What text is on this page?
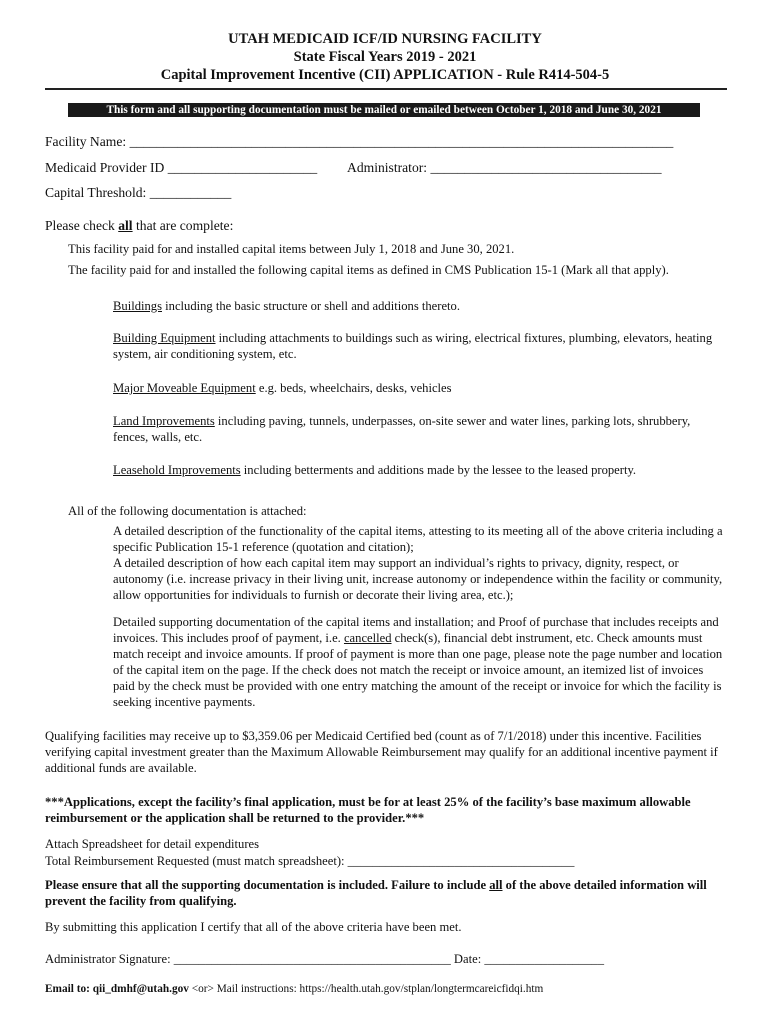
UTAH MEDICAID ICF/ID NURSING FACILITY
State Fiscal Years 2019 - 2021
Capital Improvement Incentive (CII) APPLICATION - Rule R414-504-5
This form and all supporting documentation must be mailed or emailed between October 1, 2018 and June 30, 2021
Facility Name: ________________________________________________________________________________
Medicaid Provider ID ______________________ Administrator: __________________________________
Capital Threshold: ____________
Please check all that are complete:
This facility paid for and installed capital items between July 1, 2018 and June 30, 2021.
The facility paid for and installed the following capital items as defined in CMS Publication 15-1 (Mark all that apply).
Buildings including the basic structure or shell and additions thereto.
Building Equipment including attachments to buildings such as wiring, electrical fixtures, plumbing, elevators, heating system, air conditioning system, etc.
Major Moveable Equipment e.g. beds, wheelchairs, desks, vehicles
Land Improvements including paving, tunnels, underpasses, on-site sewer and water lines, parking lots, shrubbery, fences, walls, etc.
Leasehold Improvements including betterments and additions made by the lessee to the leased property.
All of the following documentation is attached:
A detailed description of the functionality of the capital items, attesting to its meeting all of the above criteria including a specific Publication 15-1 reference (quotation and citation);
A detailed description of how each capital item may support an individual’s rights to privacy, dignity, respect, or autonomy (i.e. increase privacy in their living unit, increase autonomy or independence within the facility or community, allow opportunities for individuals to furnish or decorate their living area, etc.);
Detailed supporting documentation of the capital items and installation; and Proof of purchase that includes receipts and invoices. This includes proof of payment, i.e. cancelled check(s), financial debt instrument, etc. Check amounts must match receipt and invoice amounts. If proof of payment is more than one page, please note the page number and location of the capital item on the page. If the check does not match the receipt or invoice amount, an itemized list of invoices paid by the check must be provided with one entry matching the amount of the receipt or invoice for which the facility is seeking incentive payments.
Qualifying facilities may receive up to $3,359.06 per Medicaid Certified bed (count as of 7/1/2018) under this incentive. Facilities verifying capital investment greater than the Maximum Allowable Reimbursement may qualify for an additional incentive payment if additional funds are available.
***Applications, except the facility’s final application, must be for at least 25% of the facility’s base maximum allowable reimbursement or the application shall be returned to the provider.***
Attach Spreadsheet for detail expenditures
Total Reimbursement Requested (must match spreadsheet): ____________________________________
Please ensure that all the supporting documentation is included. Failure to include all of the above detailed information will prevent the facility from qualifying.
By submitting this application I certify that all of the above criteria have been met.
Administrator Signature: ____________________________________________ Date: ___________________
Email to: qii_dmhf@utah.gov <or> Mail instructions: https://health.utah.gov/stplan/longtermcareicfidqi.htm
